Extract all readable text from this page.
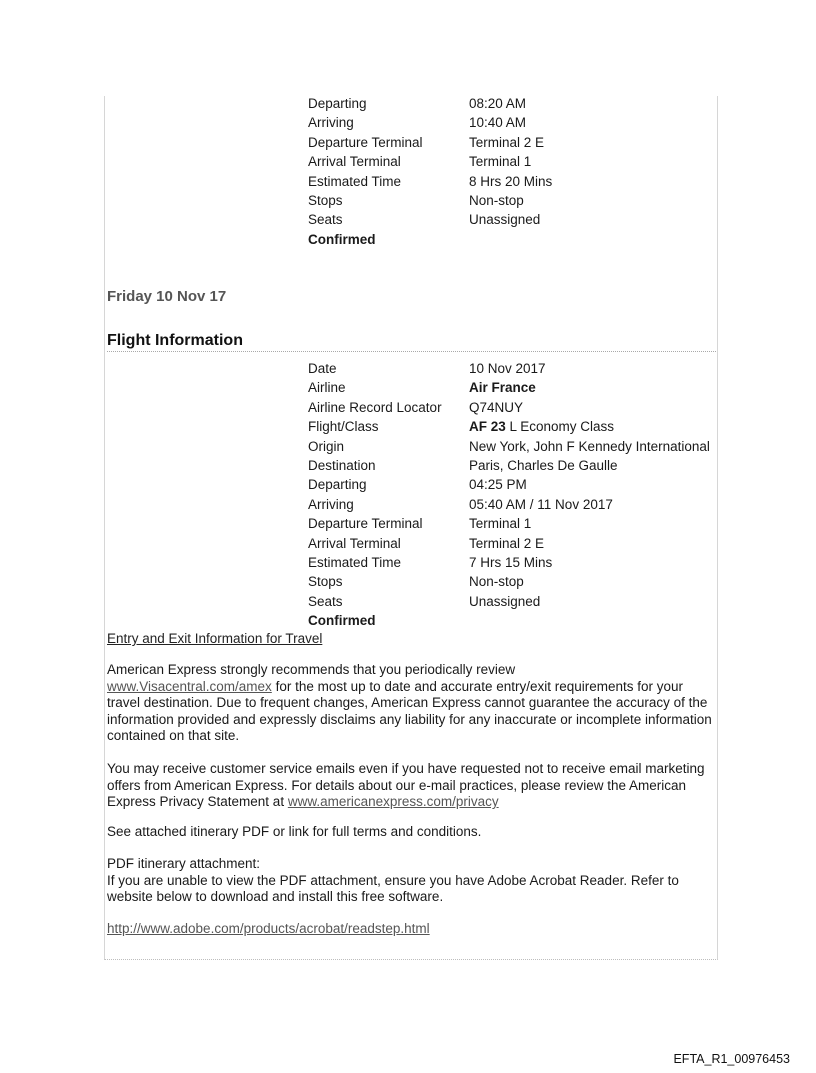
Departing	08:20 AM
Arriving	10:40 AM
Departure Terminal	Terminal 2 E
Arrival Terminal	Terminal 1
Estimated Time	8 Hrs 20 Mins
Stops	Non-stop
Seats	Unassigned
Confirmed
Friday 10 Nov 17
Flight Information
Date	10 Nov 2017
Airline	Air France
Airline Record Locator Q74NUY
Flight/Class	AF 23 L Economy Class
Origin	New York, John F Kennedy International
Destination	Paris, Charles De Gaulle
Departing	04:25 PM
Arriving	05:40 AM / 11 Nov 2017
Departure Terminal	Terminal 1
Arrival Terminal	Terminal 2 E
Estimated Time	7 Hrs 15 Mins
Stops	Non-stop
Seats	Unassigned
Confirmed
Entry and Exit Information for Travel
American Express strongly recommends that you periodically review
www.Visacentral.com/amex for the most up to date and accurate entry/exit requirements for your travel destination. Due to frequent changes, American Express cannot guarantee the accuracy of the information provided and expressly disclaims any liability for any inaccurate or incomplete information contained on that site.
You may receive customer service emails even if you have requested not to receive email marketing offers from American Express. For details about our e-mail practices, please review the American Express Privacy Statement at www.americanexpress.com/privacy
See attached itinerary PDF or link for full terms and conditions.
PDF itinerary attachment:
If you are unable to view the PDF attachment, ensure you have Adobe Acrobat Reader. Refer to website below to download and install this free software.
http://www.adobe.com/products/acrobat/readstep.html
EFTA_R1_00976453
